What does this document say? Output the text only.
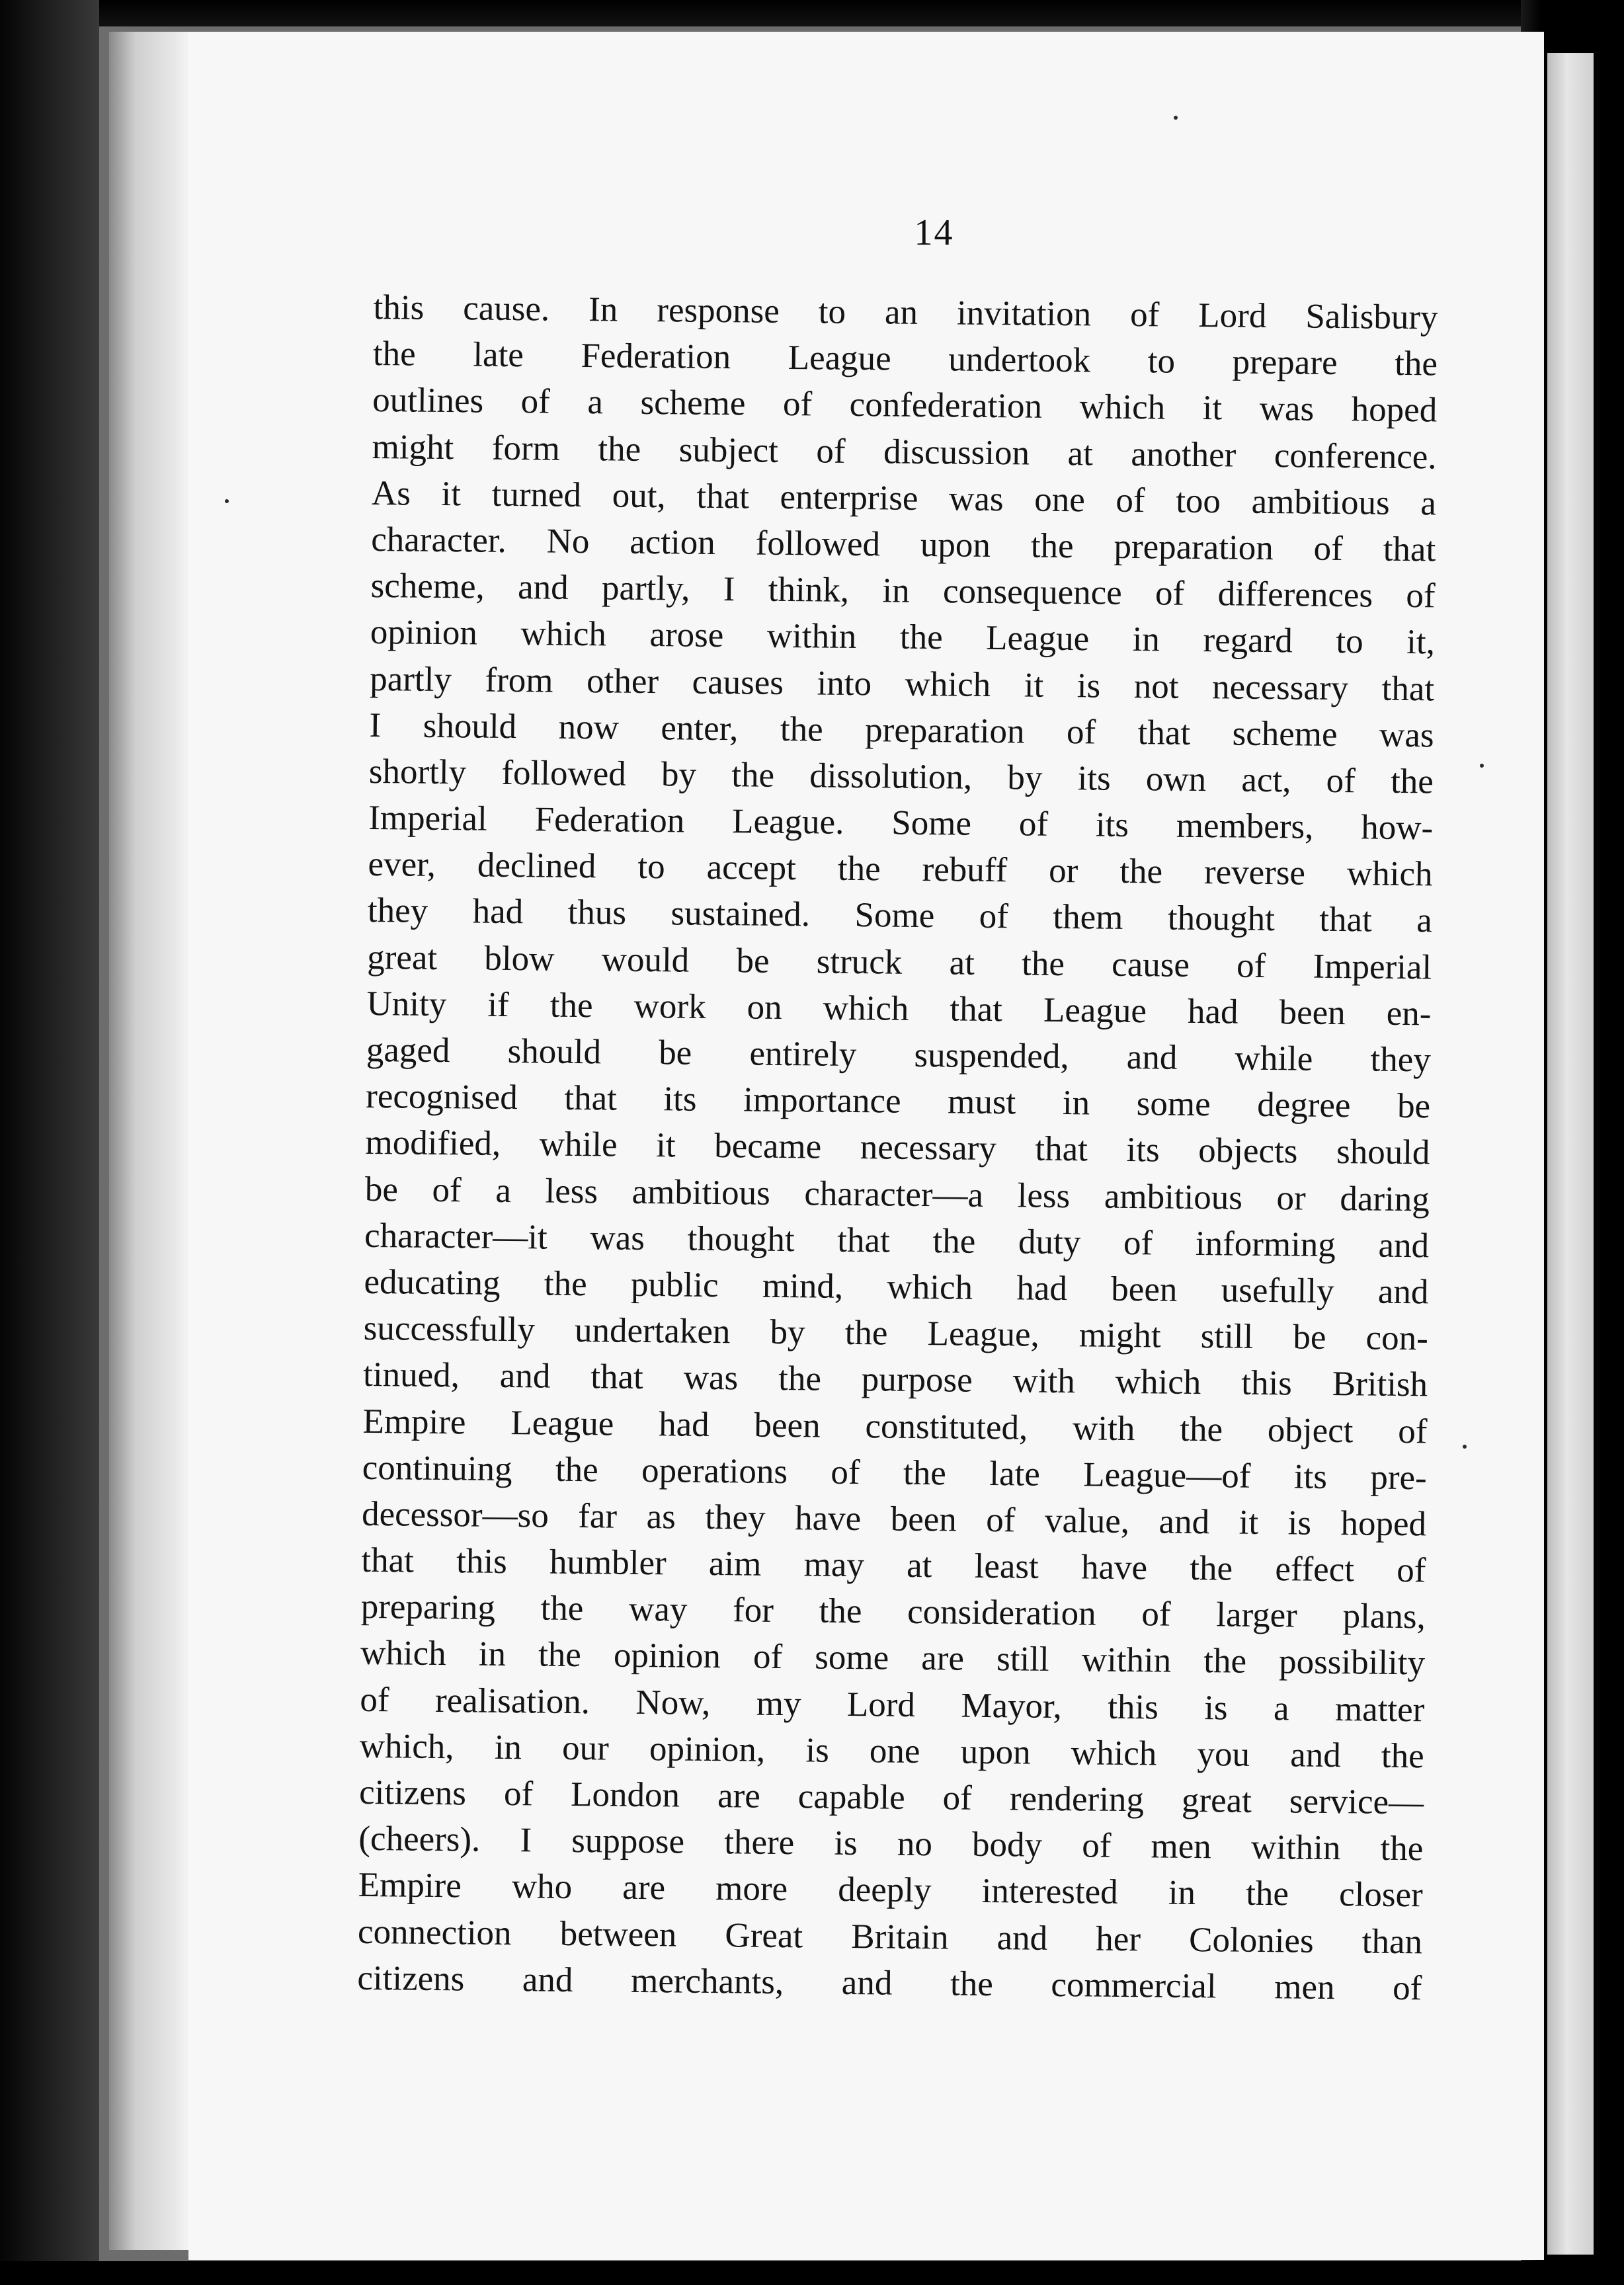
14
this cause. In response to an invitation of Lord Salisbury
the late Federation League undertook to prepare the
outlines of a scheme of confederation which it was hoped
might form the subject of discussion at another conference.
As it turned out, that enterprise was one of too ambitious a
character. No action followed upon the preparation of that
scheme, and partly, I think, in consequence of differences of
opinion which arose within the League in regard to it,
partly from other causes into which it is not necessary that
I should now enter, the preparation of that scheme was
shortly followed by the dissolution, by its own act, of the
Imperial Federation League. Some of its members, how-
ever, declined to accept the rebuff or the reverse which
they had thus sustained. Some of them thought that a
great blow would be struck at the cause of Imperial
Unity if the work on which that League had been en-
gaged should be entirely suspended, and while they
recognised that its importance must in some degree be
modified, while it became necessary that its objects should
be of a less ambitious character—a less ambitious or daring
character—it was thought that the duty of informing and
educating the public mind, which had been usefully and
successfully undertaken by the League, might still be con-
tinued, and that was the purpose with which this British
Empire League had been constituted, with the object of
continuing the operations of the late League—of its pre-
decessor—so far as they have been of value, and it is hoped
that this humbler aim may at least have the effect of
preparing the way for the consideration of larger plans,
which in the opinion of some are still within the possibility
of realisation. Now, my Lord Mayor, this is a matter
which, in our opinion, is one upon which you and the
citizens of London are capable of rendering great service—
(cheers). I suppose there is no body of men within the
Empire who are more deeply interested in the closer
connection between Great Britain and her Colonies than
citizens and merchants, and the commercial men of
